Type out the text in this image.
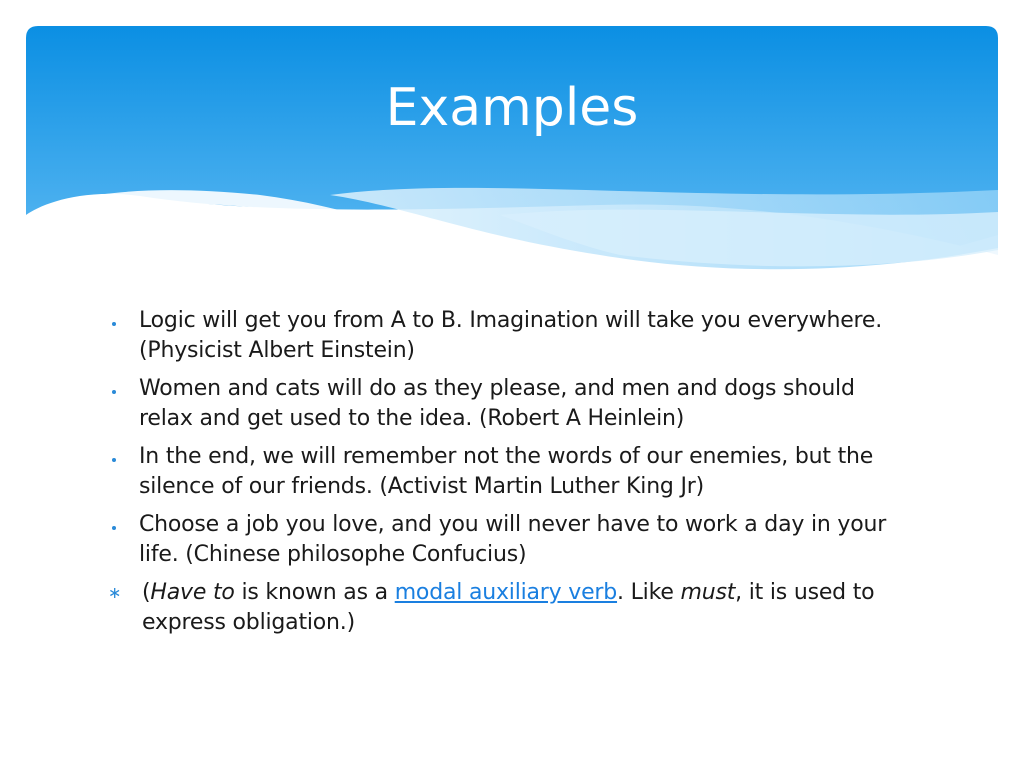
Examples
Logic will get you from A to B. Imagination will take you everywhere. (Physicist Albert Einstein)
Women and cats will do as they please, and men and dogs should relax and get used to the idea. (Robert A Heinlein)
In the end, we will remember not the words of our enemies, but the silence of our friends. (Activist Martin Luther King Jr)
Choose a job you love, and you will never have to work a day in your life. (Chinese philosophe Confucius)
∗ (Have to is known as a modal auxiliary verb. Like must, it is used to express obligation.)
